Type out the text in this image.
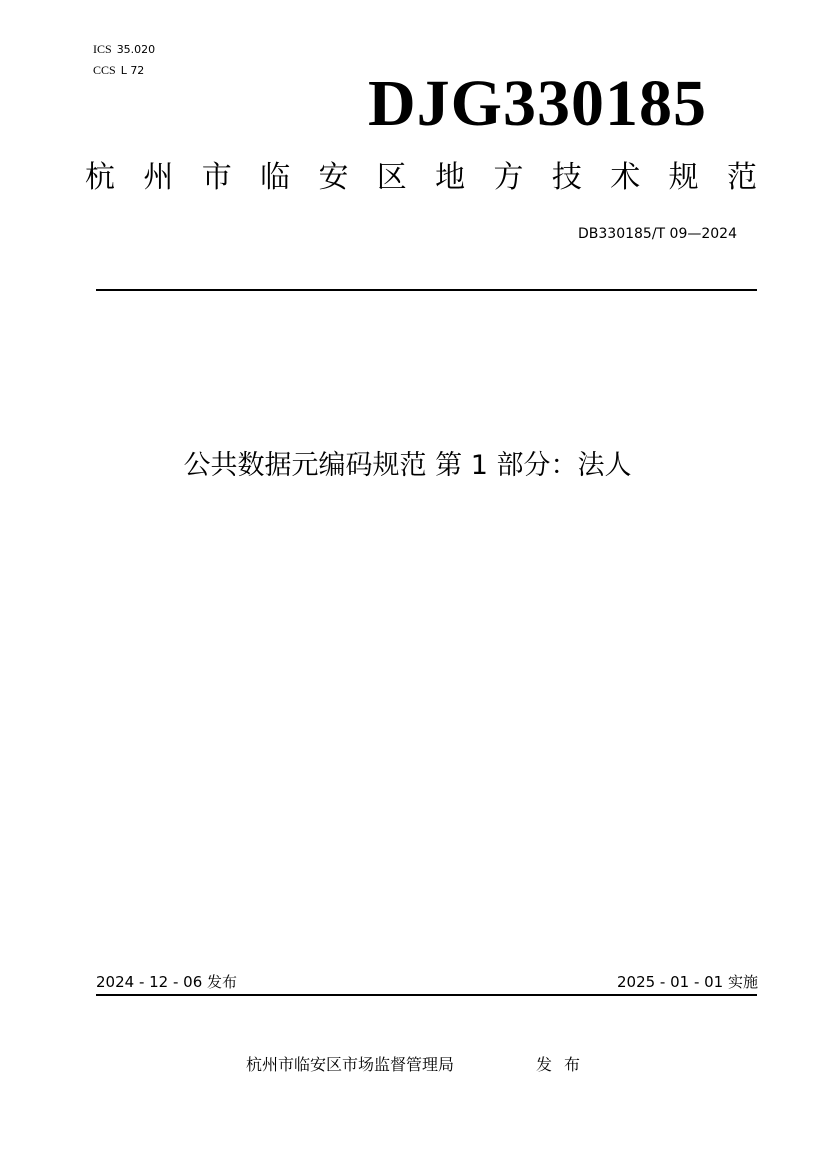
ICS 35.020
CCS L 72	DJG330185
杭 州 市 临 安 区 地 方 技 术 规 范
DB330185/T 09—2024
公共数据元编码规范 第 1 部分：法人
2024 - 12 - 06 发布	2025 - 01 - 01 实施
杭州市临安区市场监督管理局	发布
